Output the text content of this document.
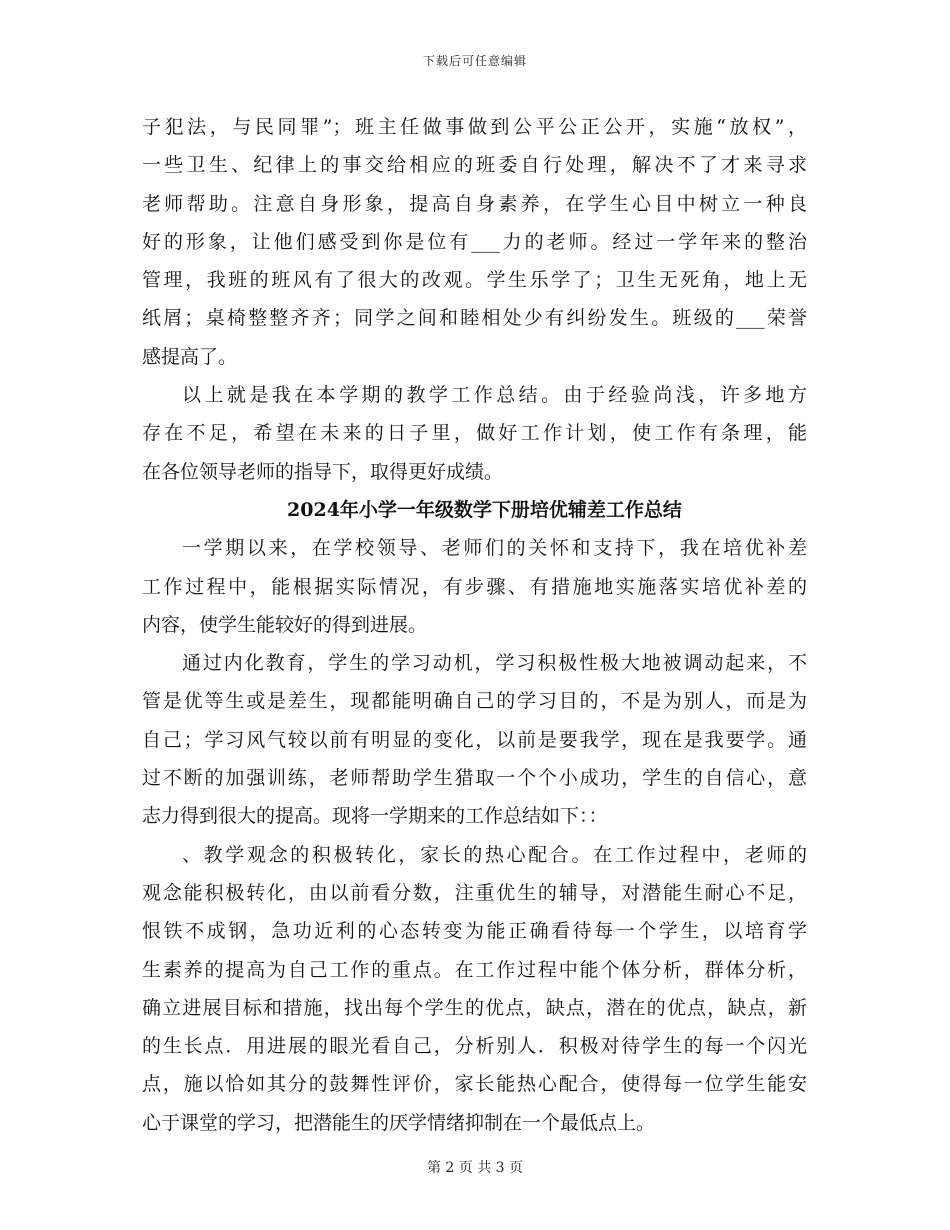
下载后可任意编辑
子犯法，与民同罪”；班主任做事做到公平公正公开，实施“放权”，
一些卫生、纪律上的事交给相应的班委自行处理，解决不了才来寻求
老师帮助。注意自身形象，提高自身素养，在学生心目中树立一种良
好的形象，让他们感受到你是位有___力的老师。经过一学年来的整治
管理，我班的班风有了很大的改观。学生乐学了；卫生无死角，地上无
纸屑；桌椅整整齐齐；同学之间和睦相处少有纠纷发生。班级的___荣誉
感提高了。
以上就是我在本学期的教学工作总结。由于经验尚浅，许多地方
存在不足，希望在未来的日子里，做好工作计划，使工作有条理，能
在各位领导老师的指导下，取得更好成绩。
2024年小学一年级数学下册培优辅差工作总结
一学期以来，在学校领导、老师们的关怀和支持下，我在培优补差
工作过程中，能根据实际情况，有步骤、有措施地实施落实培优补差的
内容，使学生能较好的得到进展。
通过内化教育，学生的学习动机，学习积极性极大地被调动起来，不
管是优等生或是差生，现都能明确自己的学习目的，不是为别人，而是为
自己；学习风气较以前有明显的变化，以前是要我学，现在是我要学。通
过不断的加强训练，老师帮助学生猎取一个个小成功，学生的自信心，意
志力得到很大的提高。现将一学期来的工作总结如下：：
、教学观念的积极转化，家长的热心配合。在工作过程中，老师的
观念能积极转化，由以前看分数，注重优生的辅导，对潜能生耐心不足，
恨铁不成钢，急功近利的心态转变为能正确看待每一个学生，以培育学
生素养的提高为自己工作的重点。在工作过程中能个体分析，群体分析，
确立进展目标和措施，找出每个学生的优点，缺点，潜在的优点，缺点，新
的生长点．用进展的眼光看自己，分析别人．积极对待学生的每一个闪光
点，施以恰如其分的鼓舞性评价，家长能热心配合，使得每一位学生能安
心于课堂的学习，把潜能生的厌学情绪抑制在一个最低点上。
第 2 页 共 3 页
